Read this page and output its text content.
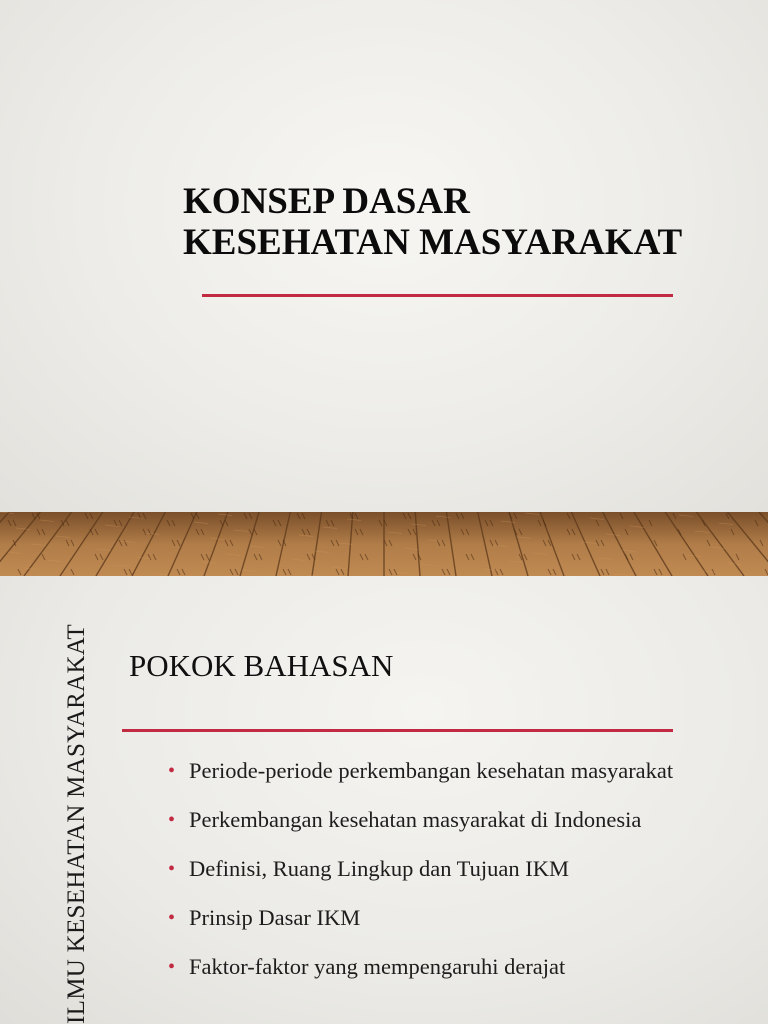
KONSEP DASAR
KESEHATAN MASYARAKAT
ILMU KESEHATAN MASYARAKAT POKOK BAHASAN
• Periode-periode perkembangan kesehatan masyarakat
• Perkembangan kesehatan masyarakat di Indonesia
• Definisi, Ruang Lingkup dan Tujuan IKM
• Prinsip Dasar IKM
• Faktor-faktor yang mempengaruhi derajat
